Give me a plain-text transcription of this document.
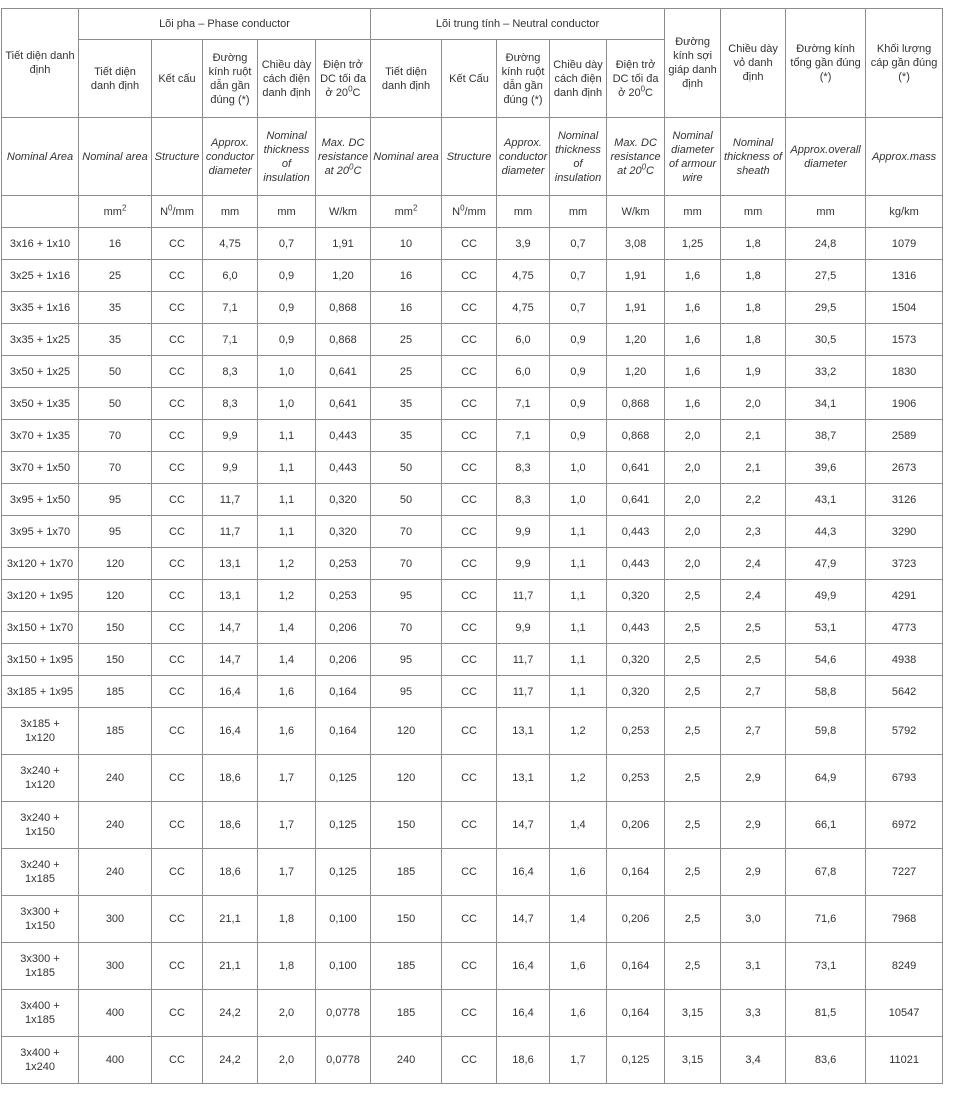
Tiết diện danh định	Lõi pha – Phase conductor					Lõi trung tính – Neutral conductor					Đường kính sợi giáp danh định	Chiều dày vỏ danh định	Đường kính tổng gần đúng (*)	Khối lượng cáp gần đúng (*)
	Tiết diện danh định	Kết cấu	Đường kính ruột dẫn gần đúng (*)	Chiều dày cách điện danh định	Điện trở DC tối đa ở $20^0C$	Tiết diện danh định	Kết Cấu	Đường kính ruột dẫn gần đúng (*)	Chiều dày cách điện danh định	Điện trở DC tối đa ở $20^0C$				
Nominal Area	Nominal area	Structure	Approx. conductor diameter	Nominal thickness of insulation	Max. DC resistance at $20^0C$	Nominal area	Structure	Approx. conductor diameter	Nominal thickness of insulation	Max. DC resistance at $20^0C$	Nominal diameter of armour wire	Nominal thickness of sheath	Approx.overall diameter	Approx.mass
	$mm^2$	$N^0/mm$	mm	mm	W/km	$mm^2$	$N^0/mm$	mm	mm	W/km	mm	mm	mm	kg/km
3x16 + 1x10	16	CC	4,75	0,7	1,91	10	CC	3,9	0,7	3,08	1,25	1,8	24,8	1079
3x25 + 1x16	25	CC	6,0	0,9	1,20	16	CC	4,75	0,7	1,91	1,6	1,8	27,5	1316
3x35 + 1x16	35	CC	7,1	0,9	0,868	16	CC	4,75	0,7	1,91	1,6	1,8	29,5	1504
3x35 + 1x25	35	CC	7,1	0,9	0,868	25	CC	6,0	0,9	1,20	1,6	1,8	30,5	1573
3x50 + 1x25	50	CC	8,3	1,0	0,641	25	CC	6,0	0,9	1,20	1,6	1,9	33,2	1830
3x50 + 1x35	50	CC	8,3	1,0	0,641	35	CC	7,1	0,9	0,868	1,6	2,0	34,1	1906
3x70 + 1x35	70	CC	9,9	1,1	0,443	35	CC	7,1	0,9	0,868	2,0	2,1	38,7	2589
3x70 + 1x50	70	CC	9,9	1,1	0,443	50	CC	8,3	1,0	0,641	2,0	2,1	39,6	2673
3x95 + 1x50	95	CC	11,7	1,1	0,320	50	CC	8,3	1,0	0,641	2,0	2,2	43,1	3126
3x95 + 1x70	95	CC	11,7	1,1	0,320	70	CC	9,9	1,1	0,443	2,0	2,3	44,3	3290
3x120 + 1x70	120	CC	13,1	1,2	0,253	70	CC	9,9	1,1	0,443	2,0	2,4	47,9	3723
3x120 + 1x95	120	CC	13,1	1,2	0,253	95	CC	11,7	1,1	0,320	2,5	2,4	49,9	4291
3x150 + 1x70	150	CC	14,7	1,4	0,206	70	CC	9,9	1,1	0,443	2,5	2,5	53,1	4773
3x150 + 1x95	150	CC	14,7	1,4	0,206	95	CC	11,7	1,1	0,320	2,5	2,5	54,6	4938
3x185 + 1x95	185	CC	16,4	1,6	0,164	95	CC	11,7	1,1	0,320	2,5	2,7	58,8	5642
3x185 + 1x120	185	CC	16,4	1,6	0,164	120	CC	13,1	1,2	0,253	2,5	2,7	59,8	5792
3x240 + 1x120	240	CC	18,6	1,7	0,125	120	CC	13,1	1,2	0,253	2,5	2,9	64,9	6793
3x240 + 1x150	240	CC	18,6	1,7	0,125	150	CC	14,7	1,4	0,206	2,5	2,9	66,1	6972
3x240 + 1x185	240	CC	18,6	1,7	0,125	185	CC	16,4	1,6	0,164	2,5	2,9	67,8	7227
3x300 + 1x150	300	CC	21,1	1,8	0,100	150	CC	14,7	1,4	0,206	2,5	3,0	71,6	7968
3x300 + 1x185	300	CC	21,1	1,8	0,100	185	CC	16,4	1,6	0,164	2,5	3,1	73,1	8249
3x400 + 1x185	400	CC	24,2	2,0	0,0778	185	CC	16,4	1,6	0,164	3,15	3,3	81,5	10547
3x400 + 1x240	400	CC	24,2	2,0	0,0778	240	CC	18,6	1,7	0,125	3,15	3,4	83,6	11021
